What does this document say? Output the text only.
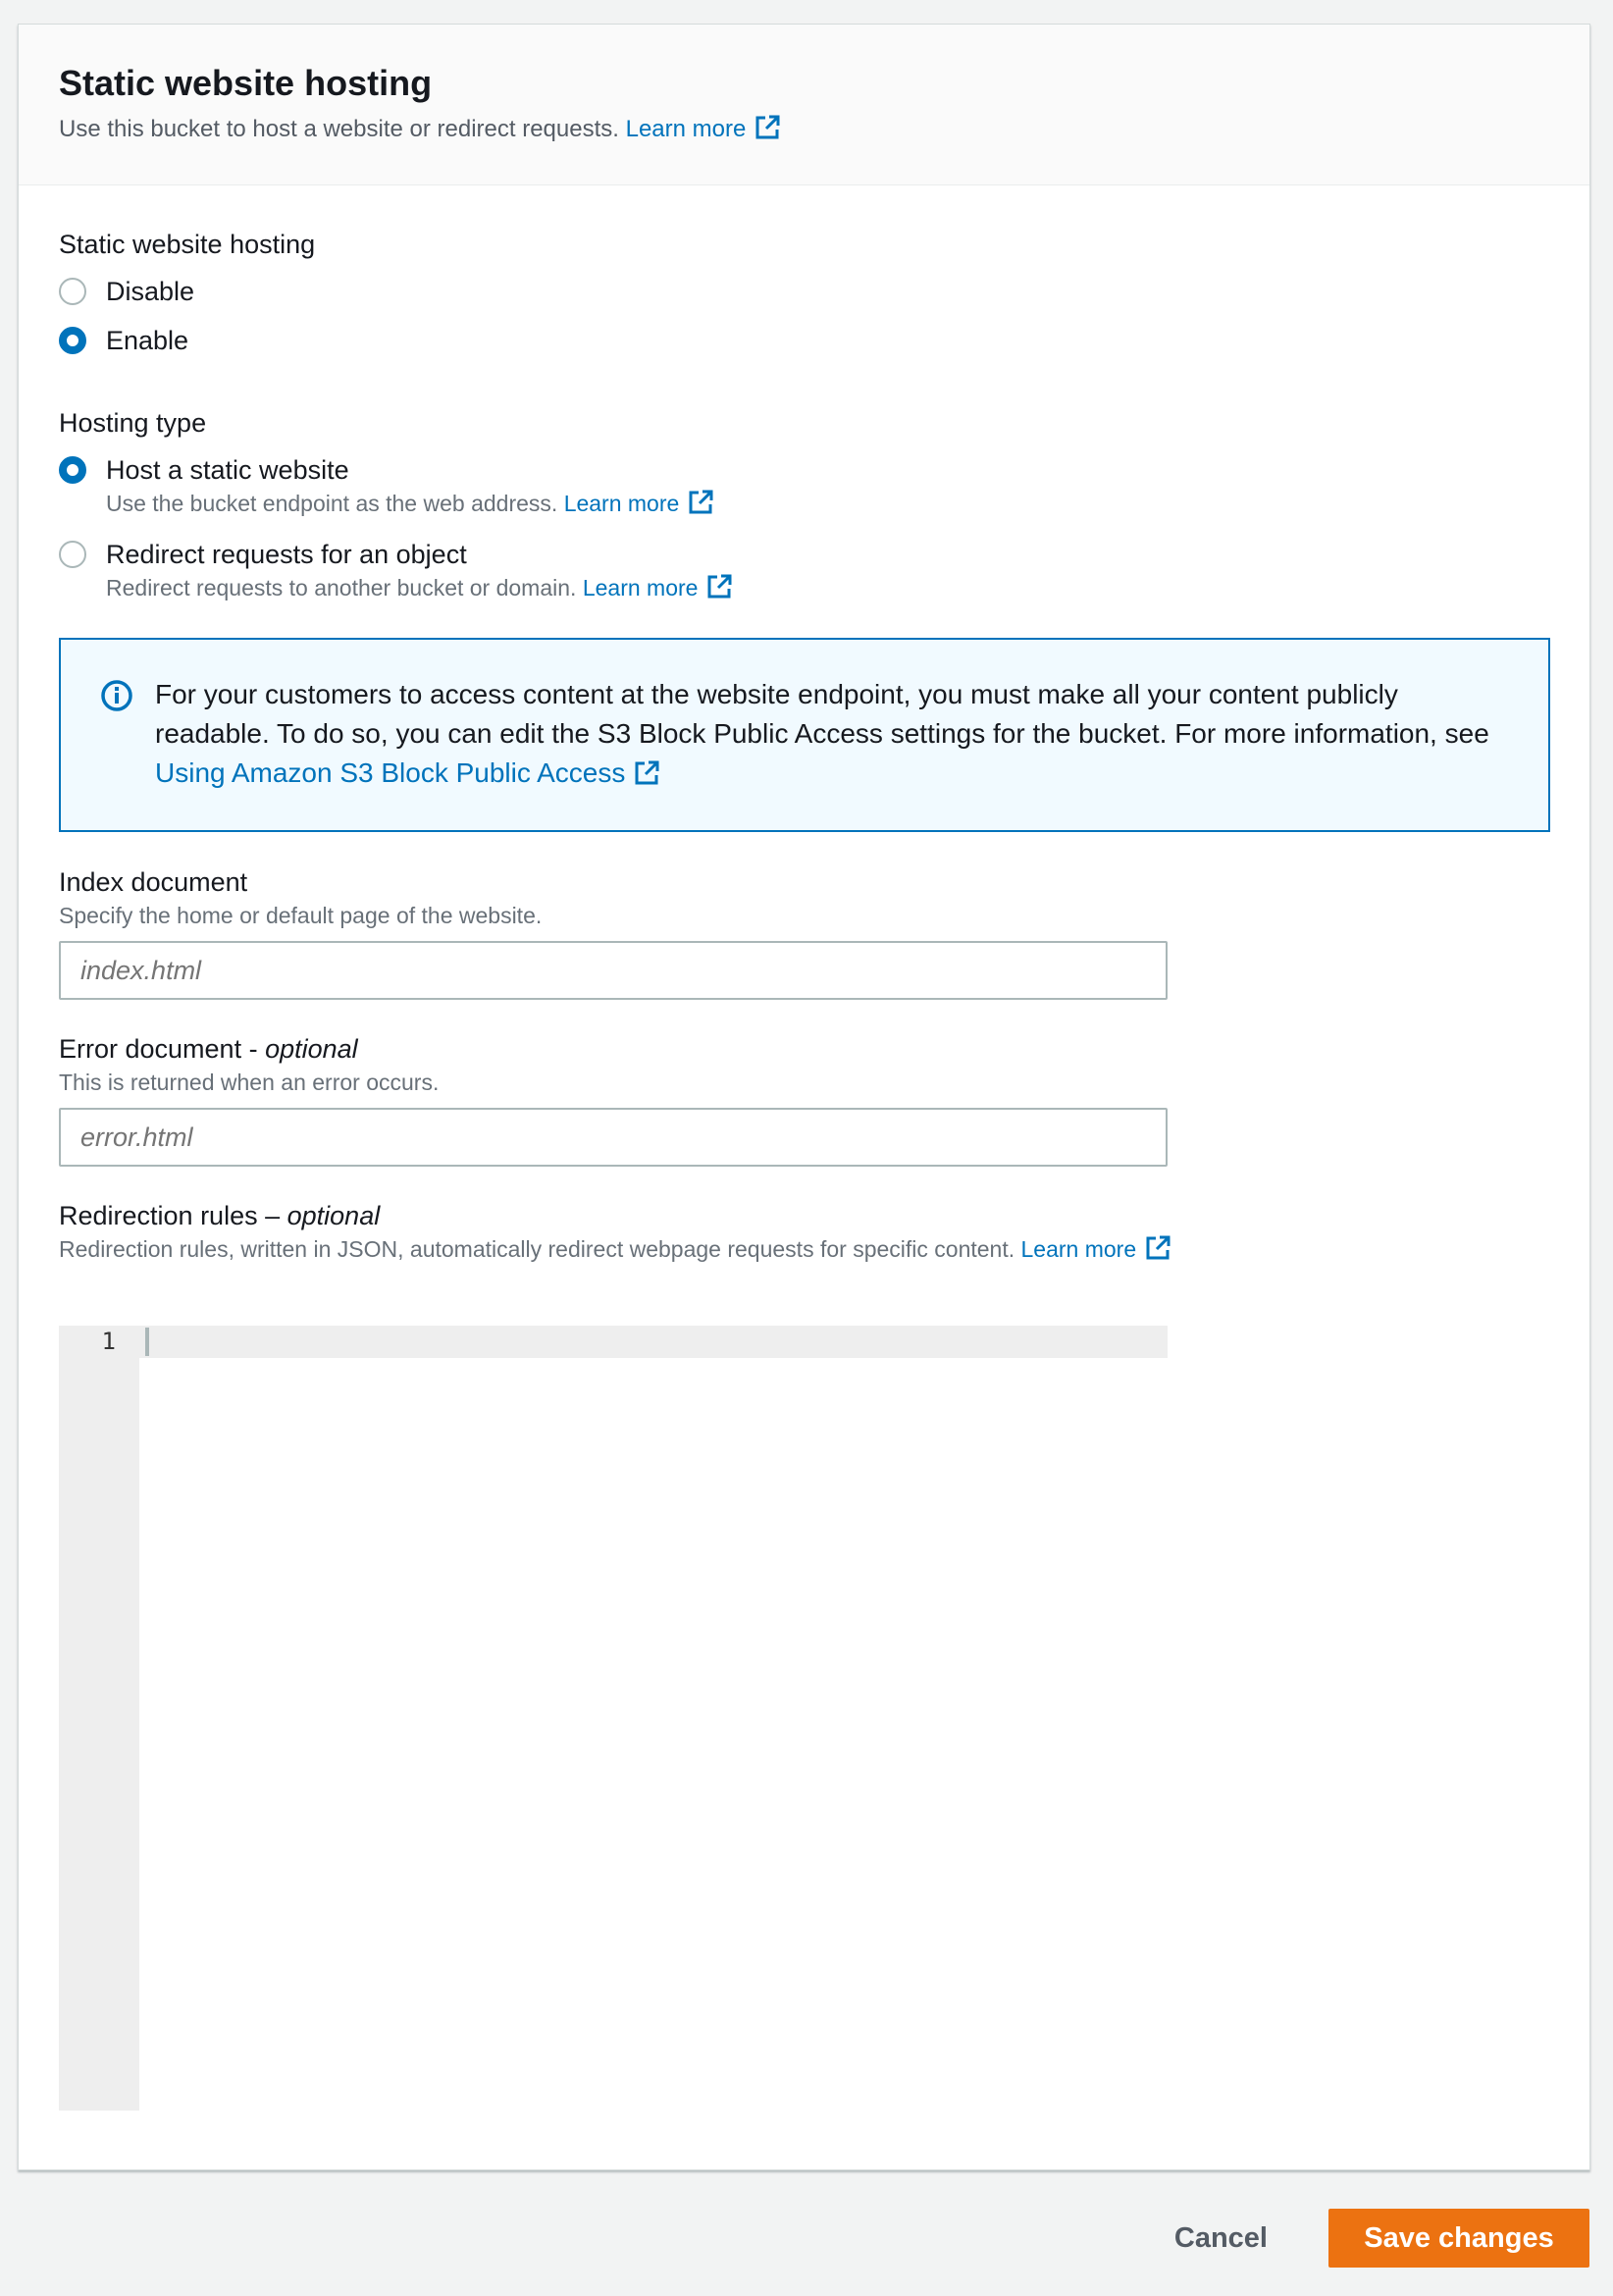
Static website hosting
Use this bucket to host a website or redirect requests. Learn more
Static website hosting
Disable
Enable
Hosting type
Host a static website
Use the bucket endpoint as the web address. Learn more
Redirect requests for an object
Redirect requests to another bucket or domain. Learn more
For your customers to access content at the website endpoint, you must make all your content publicly readable. To do so, you can edit the S3 Block Public Access settings for the bucket. For more information, see Using Amazon S3 Block Public Access
Index document
Specify the home or default page of the website.
index.html
Error document - optional
This is returned when an error occurs.
error.html
Redirection rules – optional
Redirection rules, written in JSON, automatically redirect webpage requests for specific content. Learn more
1
Cancel	Save changes
